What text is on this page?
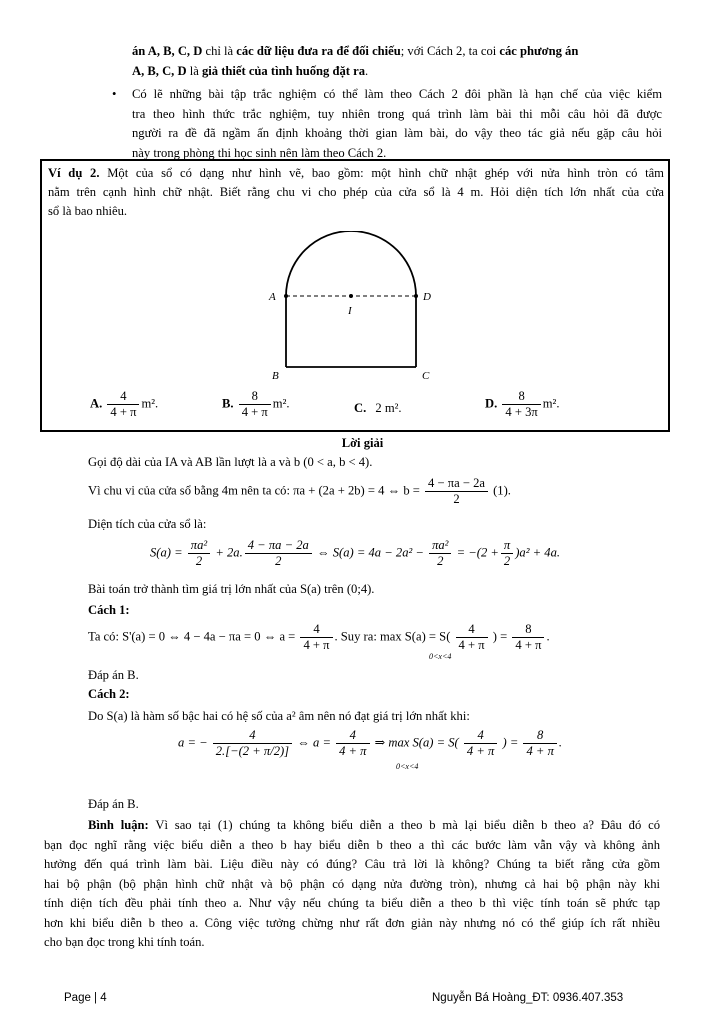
án A, B, C, D chỉ là các dữ liệu đưa ra để đối chiếu; với Cách 2, ta coi các phương án
A, B, C, D là giả thiết của tình huống đặt ra.
• Có lẽ những bài tập trắc nghiệm có thể làm theo Cách 2 đôi phần là hạn chế của việc kiểm
tra theo hình thức trắc nghiệm, tuy nhiên trong quá trình làm bài thi mỗi câu hỏi đã được
người ra đề đã ngầm ấn định khoảng thời gian làm bài, do vậy theo tác giả nếu gặp câu hỏi
này trong phòng thi học sinh nên làm theo Cách 2.
Ví dụ 2. Một của sổ có dạng như hình vẽ, bao gồm: một hình chữ nhật ghép với nửa hình tròn có tâm
nằm trên cạnh hình chữ nhật. Biết rằng chu vi cho phép của cửa sổ là 4 m. Hỏi diện tích lớn nhất của cửa
sổ là bao nhiêu.
A	D
I
B	C
A. $\frac{4}{4 + \pi} m^2$.	B. $\frac{8}{4 + \pi} m^2$.	C. 2 m².	D. $\frac{8}{4 + 3\pi} m^2$.
Lời giải
Gọi độ dài của IA và AB lần lượt là a và b (0 < a, b < 4).
Vì chu vi của cửa sổ bằng 4m nên ta có: πa + (2a + 2b) = 4 ⇔ $b = \frac{4 - \pi a - 2a}{2} (1)$.
Diện tích của cửa sổ là:
$S(a) = \frac{\text{πa²}}{2} + 2a$. $\frac{4 - \pi a - 2a}{2}$ ⇔ $S(a) = 4a - 2a^2 - \frac{\text{πa²}}{2} = -(2 + \frac{\pi}{2} )a^2 + 4a$.
Bài toán trở thành tìm giá trị lớn nhất của S(a) trên (0;4).
Cách 1:
Ta có: S'(a) = 0 ⇔ 4 − 4a − πa = 0 ⇔ $a = \frac{4}{4 + \pi}$ . Suy ra: $\max S(a) = S( \frac{4}{4 + \pi}$ ) = $\frac{8}{4 + \pi}$ .
0<x<4
Đáp án B.
Cách 2:
Do S(a) là hàm số bậc hai có hệ số của a² âm nên nó đạt giá trị lớn nhất khi:
a = − $\frac{4}{2.[-(2 + \pi/2)]}$ ⇔ $a = \frac{4}{4 + \pi}$ ⇒ $\max S(a) = S( \frac{4}{4 + \pi}$ ) = $\frac{8}{4 + \pi}$ .
0<x<4
Đáp án B.
Bình luận: Vì sao tại (1) chúng ta không biểu diễn a theo b mà lại biểu diễn b theo a? Đâu đó có
bạn đọc nghĩ rằng việc biểu diễn a theo b hay biểu diễn b theo a thì các bước làm vẫn vậy và không ảnh
hưởng đến quá trình làm bài. Liệu điều này có đúng? Câu trả lời là không? Chúng ta biết rằng cửa gồm
hai bộ phận (bộ phận hình chữ nhật và bộ phận có dạng nửa đường tròn), nhưng cả hai bộ phận này khi
tính diện tích đều phải tính theo a. Như vậy nếu chúng ta biểu diễn a theo b thì việc tính toán sẽ phức tạp
hơn khi biểu diễn b theo a. Công việc tưởng chừng như rất đơn giản này nhưng nó có thể giúp ích rất nhiều
cho bạn đọc trong khi tính toán.
Page | 4	Nguyễn Bá Hoàng_ĐT: 0936.407.353
